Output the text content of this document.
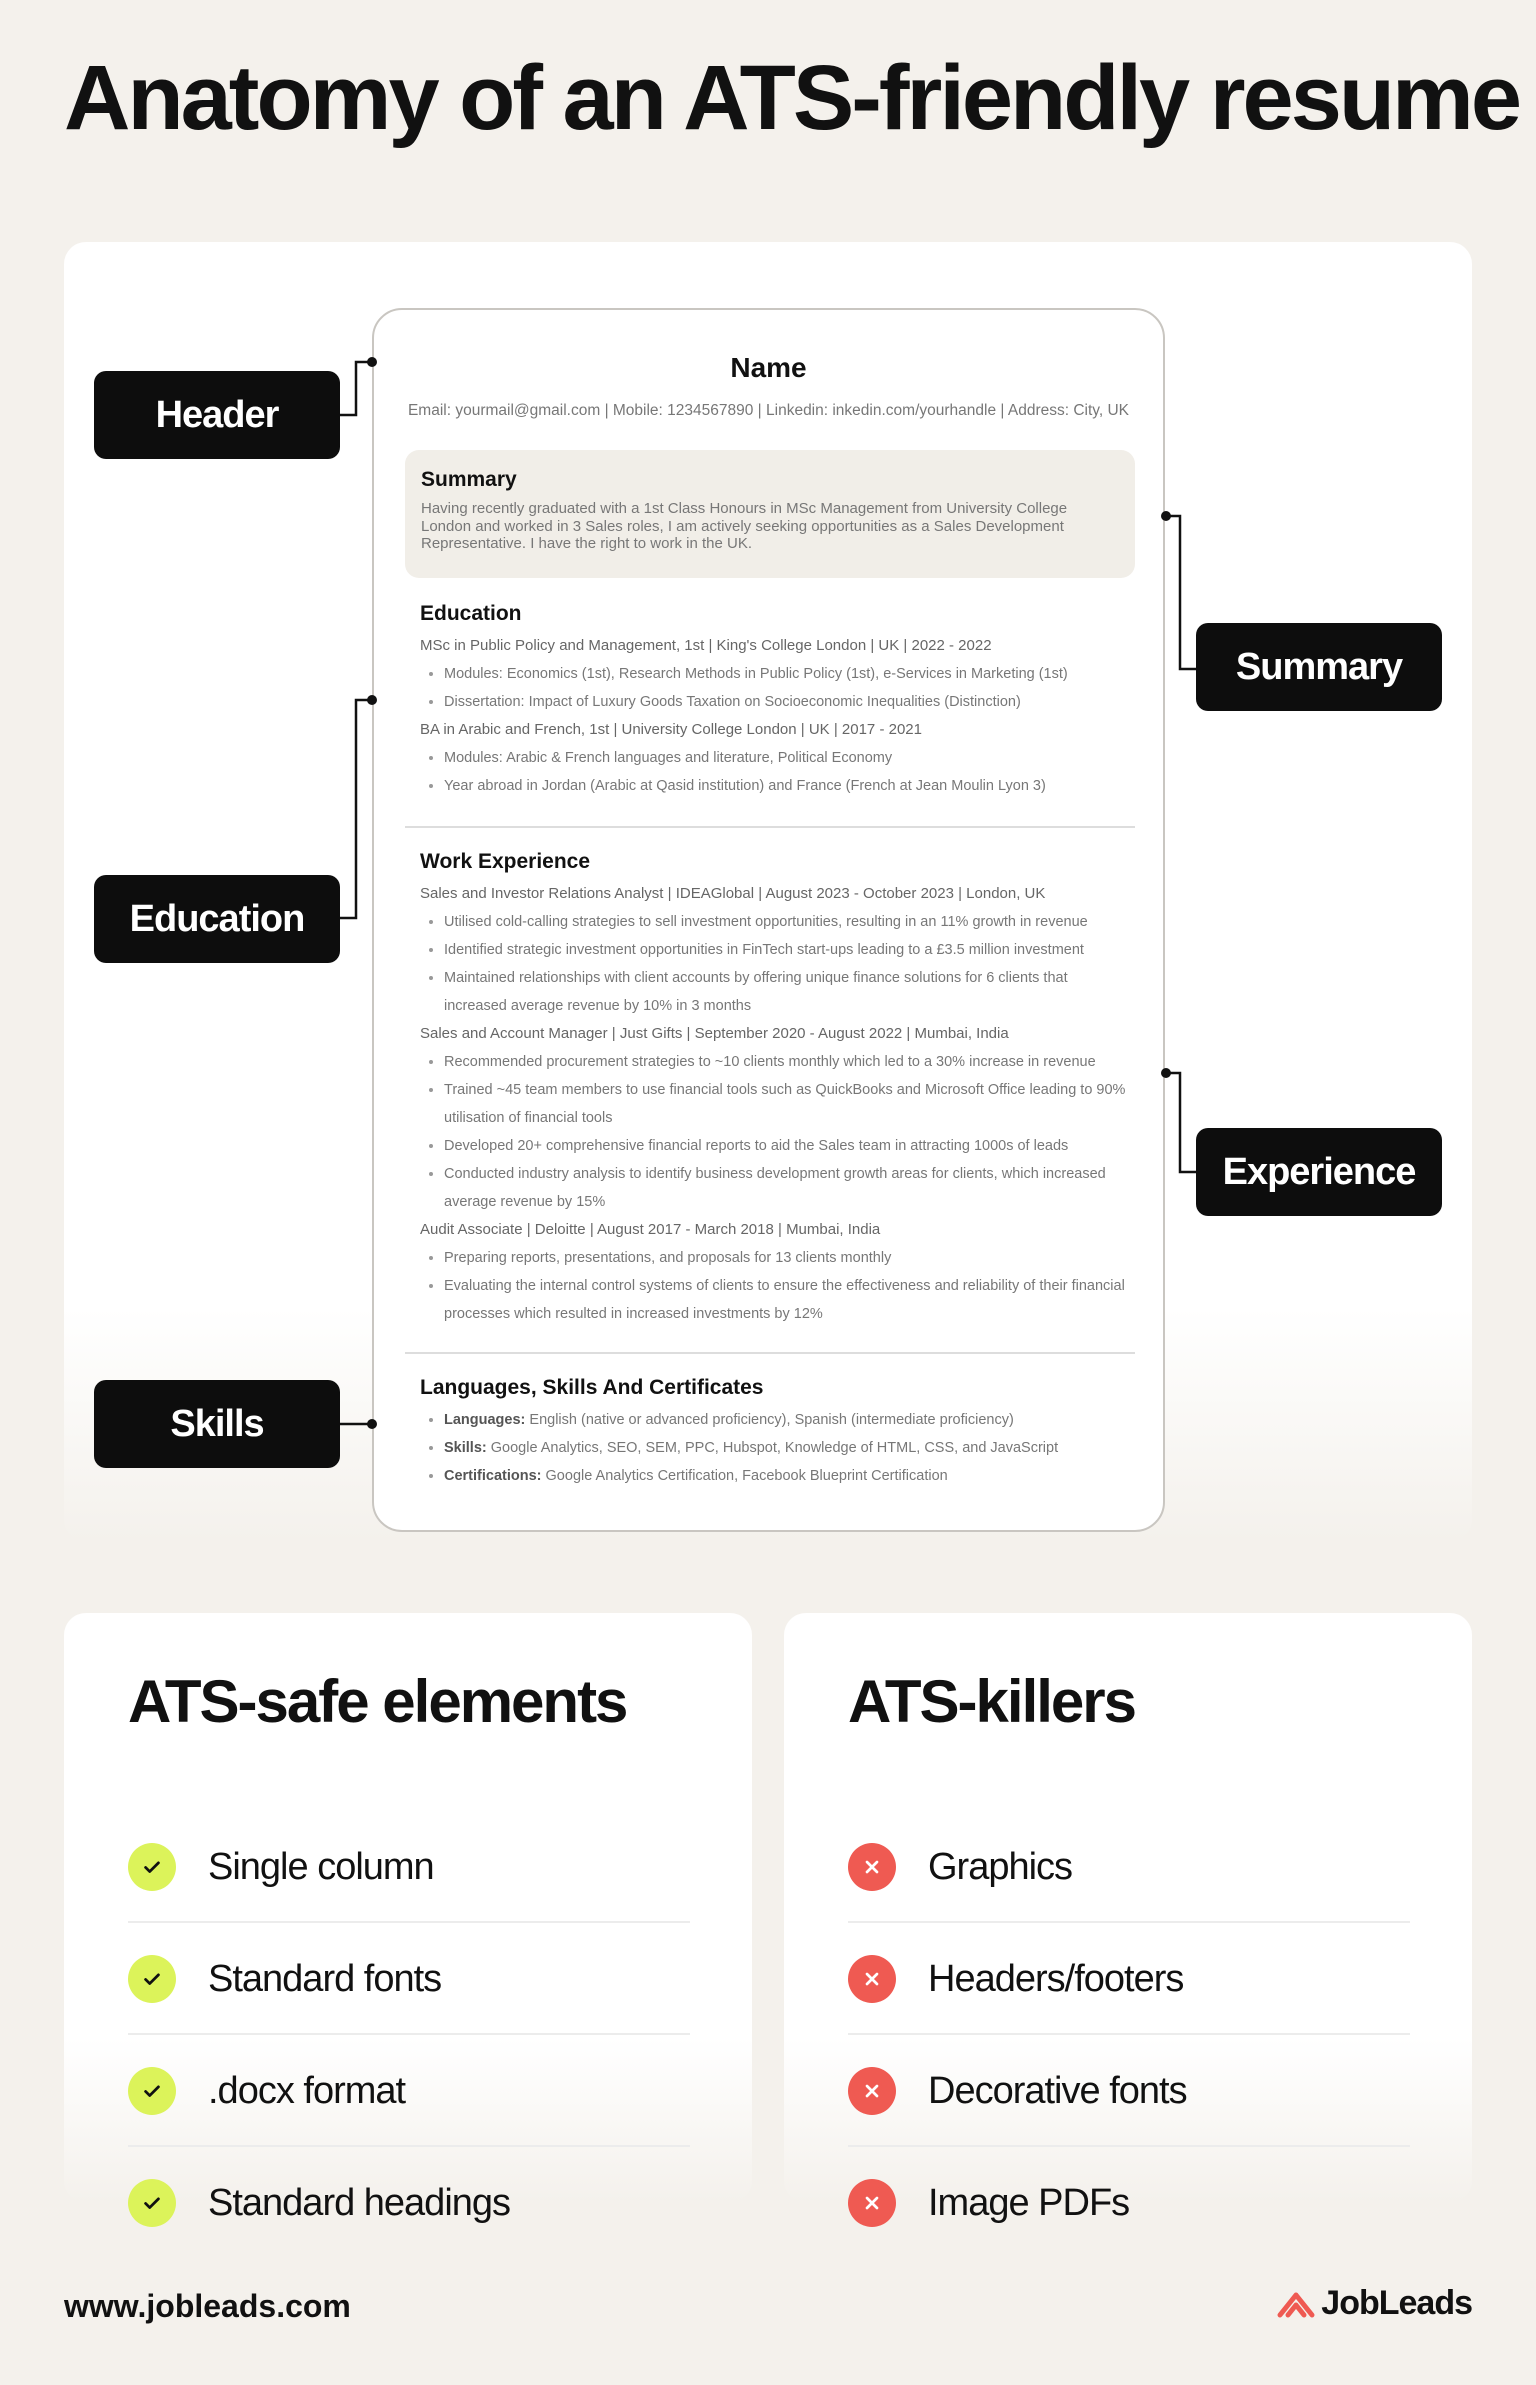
Anatomy of an ATS-friendly resume
Name
Email: yourmail@gmail.com | Mobile: 1234567890 | Linkedin: inkedin.com/yourhandle | Address: City, UK
Summary

Having recently graduated with a 1st Class Honours in MSc Management from University College London and worked in 3 Sales roles, I am actively seeking opportunities as a Sales Development Representative. I have the right to work in the UK.

Education
MSc in Public Policy and Management, 1st | King's College London | UK | 2022 - 2022
Modules: Economics (1st), Research Methods in Public Policy (1st), e-Services in Marketing (1st)
Dissertation: Impact of Luxury Goods Taxation on Socioeconomic Inequalities (Distinction)
BA in Arabic and French, 1st | University College London | UK | 2017 - 2021
Modules: Arabic & French languages and literature, Political Economy
Year abroad in Jordan (Arabic at Qasid institution) and France (French at Jean Moulin Lyon 3)
Work Experience
Sales and Investor Relations Analyst | IDEAGlobal | August 2023 - October 2023 | London, UK
Utilised cold-calling strategies to sell investment opportunities, resulting in an 11% growth in revenue
Identified strategic investment opportunities in FinTech start-ups leading to a £3.5 million investment
Maintained relationships with client accounts by offering unique finance solutions for 6 clients that increased average revenue by 10% in 3 months
Sales and Account Manager | Just Gifts | September 2020 - August 2022 | Mumbai, India
Recommended procurement strategies to ~10 clients monthly which led to a 30% increase in revenue
Trained ~45 team members to use financial tools such as QuickBooks and Microsoft Office leading to 90% utilisation of financial tools
Developed 20+ comprehensive financial reports to aid the Sales team in attracting 1000s of leads
Conducted industry analysis to identify business development growth areas for clients, which increased average revenue by 15%
Audit Associate | Deloitte | August 2017 - March 2018 | Mumbai, India
Preparing reports, presentations, and proposals for 13 clients monthly
Evaluating the internal control systems of clients to ensure the effectiveness and reliability of their financial processes which resulted in increased investments by 12%
Languages, Skills And Certificates
Languages: English (native or advanced proficiency), Spanish (intermediate proficiency)
Skills: Google Analytics, SEO, SEM, PPC, Hubspot, Knowledge of HTML, CSS, and JavaScript
Certifications: Google Analytics Certification, Facebook Blueprint Certification
Header
Education
Skills
Summary
Experience
ATS-safe elements
Single column
Standard fonts
.docx format
Standard headings
ATS-killers
Graphics
Headers/footers
Decorative fonts
Image PDFs
www.jobleads.com	JobLeads
